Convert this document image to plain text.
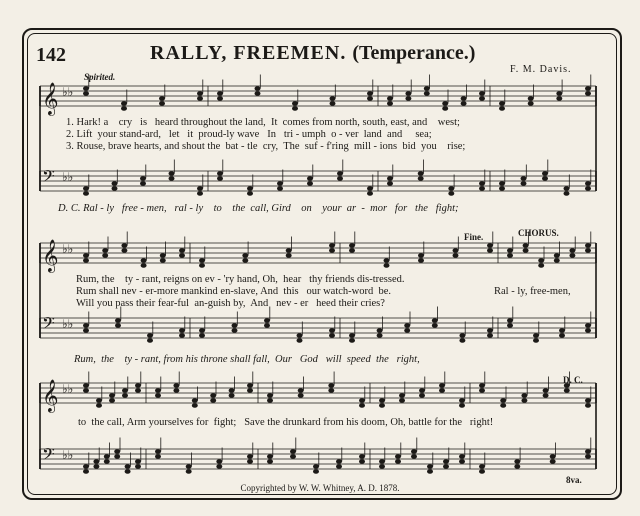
142	RALLY, FREEMEN. (Temperance.)
F. M. Davis.
Spirited.
𝄞 ♭♭
𝄢 ♭♭
𝄞 ♭♭
𝄢 ♭♭
𝄞 ♭♭
𝄢 ♭♭
1. Hark! a    cry   is   heard throughout the land,  It  comes from north, south, east, and    west;
2. Lift  your stand-ard,   let   it  proud-ly wave   In   tri - umph  o - ver  land  and     sea;
3. Rouse, brave hearts, and shout the  bat - tle  cry,  The  suf - f'ring  mill - ions  bid  you    rise;
D. C. Ral - ly   free - men,   ral - ly    to    the  call, Gird    on    your  ar  -  mor   for   the   fight;
Fine.	CHORUS.
Rum, the    ty - rant, reigns on ev - 'ry hand, Oh,  hear   thy friends dis-tressed.
Rum shall nev - er-more mankind en-slave, And  this   our watch-word  be.
Will you pass their fear-ful  an-guish by,  And   nev - er   heed their cries?
Ral - ly, free-men,
Rum,  the    ty - rant, from his throne shall fall,  Our   God   will  speed  the   right,
D. C.
to  the call, Arm yourselves for  fight;   Save the drunkard from his doom, Oh, battle for the   right!
8va.
Copyrighted by W. W. Whitney, A. D. 1878.
